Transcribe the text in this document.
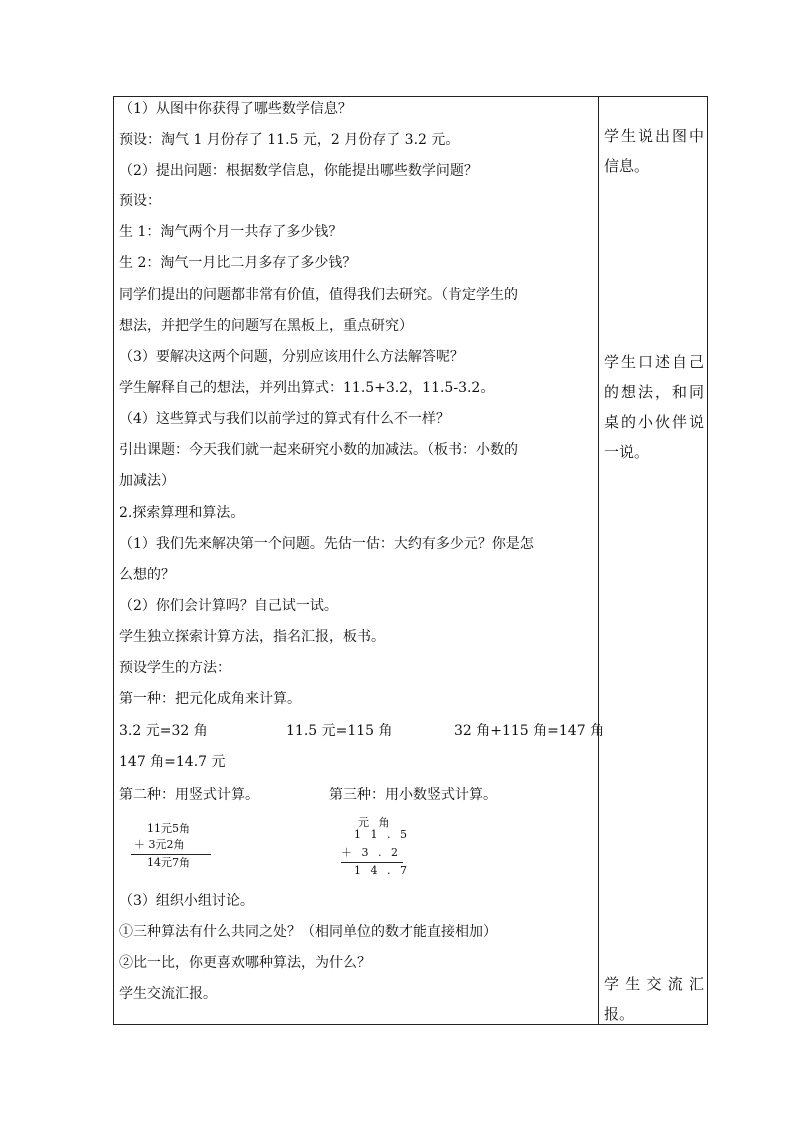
（1）从图中你获得了哪些数学信息？
预设：淘气 1 月份存了 11.5 元，2 月份存了 3.2 元。
（2）提出问题：根据数学信息，你能提出哪些数学问题？
预设：
生 1：淘气两个月一共存了多少钱？
生 2：淘气一月比二月多存了多少钱？
同学们提出的问题都非常有价值，值得我们去研究。（肯定学生的
想法，并把学生的问题写在黑板上，重点研究）
（3）要解决这两个问题，分别应该用什么方法解答呢？
学生解释自己的想法，并列出算式：11.5+3.2，11.5-3.2。
（4）这些算式与我们以前学过的算式有什么不一样？
引出课题：今天我们就一起来研究小数的加减法。（板书：小数的
加减法）
2.探索算理和算法。
（1）我们先来解决第一个问题。先估一估：大约有多少元？你是怎
么想的？
（2）你们会计算吗？自己试一试。
学生独立探索计算方法，指名汇报，板书。
预设学生的方法：
第一种：把元化成角来计算。
3.2 元=32 角	11.5 元=115 角	32 角+115 角=147 角
147 角=14.7 元
第二种：用竖式计算。	第三种：用小数竖式计算。
11元5角
＋ 3元2角
14元7角
元 角
1 1 . 5
＋ 3 . 2
1 4 . 7
（3）组织小组讨论。
①三种算法有什么共同之处？（相同单位的数才能直接相加）
②比一比，你更喜欢哪种算法，为什么？
学生交流汇报。
学生说出图中信息。
学生口述自己的想法，和同桌的小伙伴说一说。
学生交流汇报。
